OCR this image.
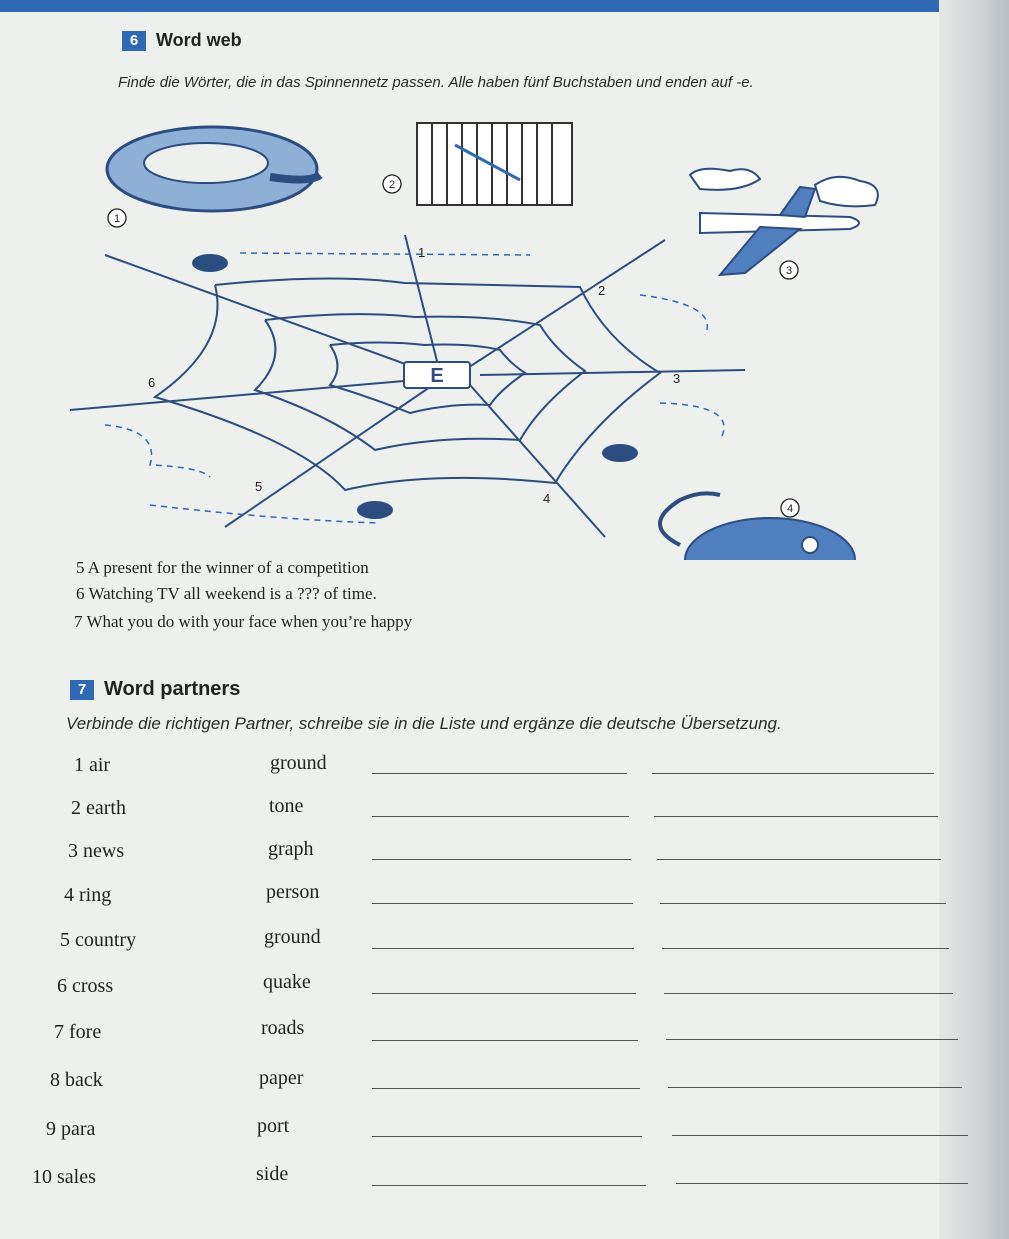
6 Word web
Finde die Wörter, die in das Spinnennetz passen. Alle haben fünf Buchstaben und enden auf -e.
1
2
3
4
1
2
3
4
5
6	E
5 A present for the winner of a competition
6 Watching TV all weekend is a ??? of time.
7 What you do with your face when you’re happy
7 Word partners
Verbinde die richtigen Partner, schreibe sie in die Liste und ergänze die deutsche Übersetzung.
1 air	ground
2 earth	tone
3 news	graph
4 ring	person
5 country	ground
6 cross	quake
7 fore	roads
8 back	paper
9 para	port
10 sales	side
